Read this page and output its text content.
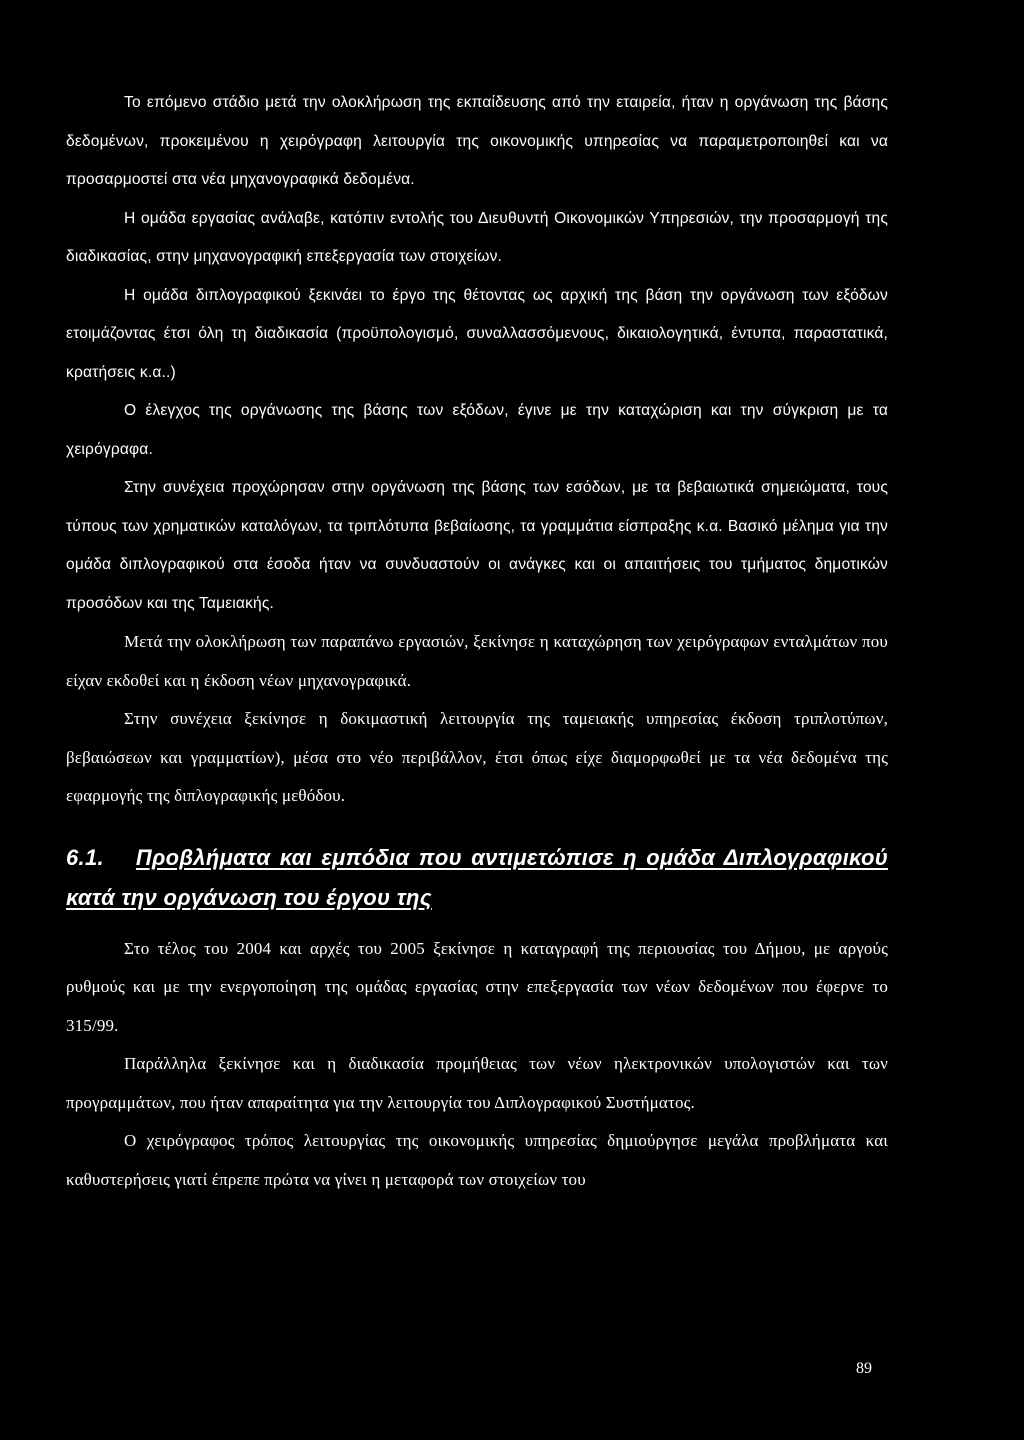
Το επόμενο στάδιο μετά την ολοκλήρωση της εκπαίδευσης από την εταιρεία, ήταν η οργάνωση της βάσης δεδομένων, προκειμένου η χειρόγραφη λειτουργία της οικονομικής υπηρεσίας να παραμετροποιηθεί και να προσαρμοστεί στα νέα μηχανογραφικά δεδομένα.

Η ομάδα εργασίας ανάλαβε, κατόπιν εντολής του Διευθυντή Οικονομικών Υπηρεσιών, την προσαρμογή της διαδικασίας, στην μηχανογραφική επεξεργασία των στοιχείων.

Η ομάδα διπλογραφικού ξεκινάει το έργο της θέτοντας ως αρχική της βάση την οργάνωση των εξόδων ετοιμάζοντας έτσι όλη τη διαδικασία (προϋπολογισμό, συναλλασσόμενους, δικαιολογητικά, έντυπα, παραστατικά, κρατήσεις κ.α..)

Ο έλεγχος της οργάνωσης της βάσης των εξόδων, έγινε με την καταχώριση και την σύγκριση με τα χειρόγραφα.

Στην συνέχεια προχώρησαν στην οργάνωση της βάσης των εσόδων, με τα βεβαιωτικά σημειώματα, τους τύπους των χρηματικών καταλόγων, τα τριπλότυπα βεβαίωσης, τα γραμμάτια είσπραξης κ.α. Βασικό μέλημα για την ομάδα διπλογραφικού στα έσοδα ήταν να συνδυαστούν οι ανάγκες και οι απαιτήσεις του τμήματος δημοτικών προσόδων και της Ταμειακής.

Μετά την ολοκλήρωση των παραπάνω εργασιών, ξεκίνησε η καταχώρηση των χειρόγραφων ενταλμάτων που είχαν εκδοθεί και η έκδοση νέων μηχανογραφικά.

Στην συνέχεια ξεκίνησε η δοκιμαστική λειτουργία της ταμειακής υπηρεσίας έκδοση τριπλοτύπων, βεβαιώσεων και γραμματίων), μέσα στο νέο περιβάλλον, έτσι όπως είχε διαμορφωθεί με τα νέα δεδομένα της εφαρμογής της διπλογραφικής μεθόδου.

6.1. Προβλήματα και εμπόδια που αντιμετώπισε η ομάδα Διπλογραφικού κατά την οργάνωση του έργου της

Στο τέλος του 2004 και αρχές του 2005 ξεκίνησε η καταγραφή της περιουσίας του Δήμου, με αργούς ρυθμούς και με την ενεργοποίηση της ομάδας εργασίας στην επεξεργασία των νέων δεδομένων που έφερνε το 315/99.

Παράλληλα ξεκίνησε και η διαδικασία προμήθειας των νέων ηλεκτρονικών υπολογιστών και των προγραμμάτων, που ήταν απαραίτητα για την λειτουργία του Διπλογραφικού Συστήματος.

Ο χειρόγραφος τρόπος λειτουργίας της οικονομικής υπηρεσίας δημιούργησε μεγάλα προβλήματα και καθυστερήσεις γιατί έπρεπε πρώτα να γίνει η μεταφορά των στοιχείων του

89
